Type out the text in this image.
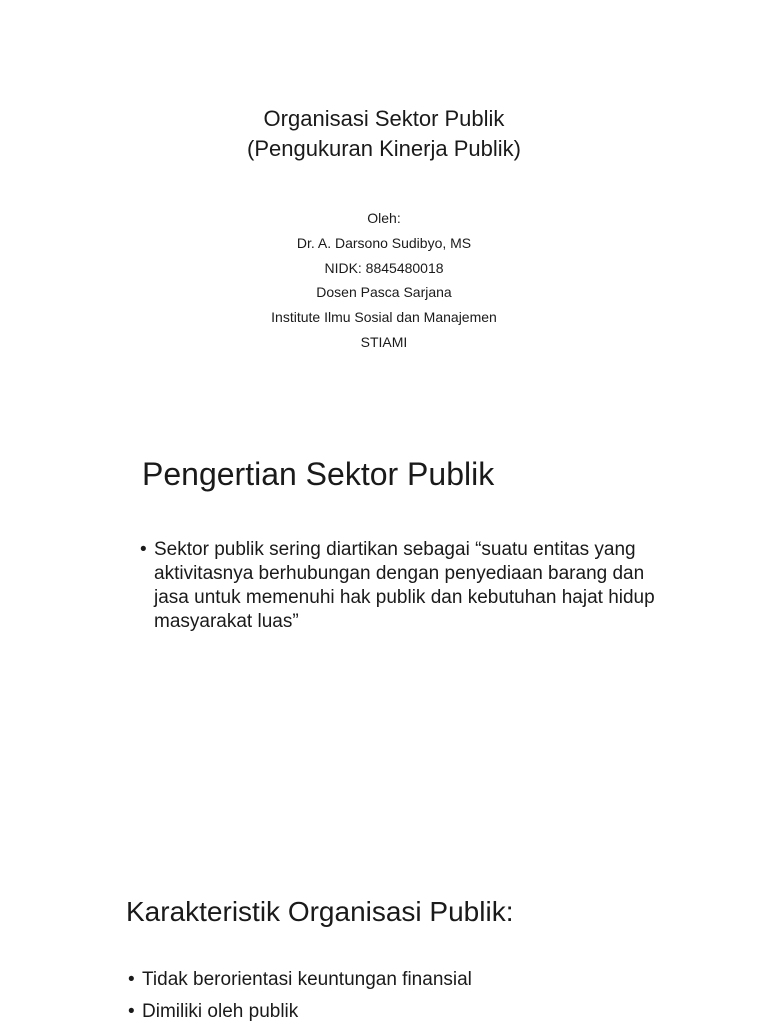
Organisasi Sektor Publik

(Pengukuran Kinerja Publik)

Oleh:

Dr. A. Darsono Sudibyo, MS

NIDK: 8845480018

Dosen Pasca Sarjana

Institute Ilmu Sosial dan Manajemen

STIAMI

Pengertian Sektor Publik
• Sektor publik sering diartikan sebagai “suatu entitas yang aktivitasnya berhubungan dengan penyediaan barang dan jasa untuk memenuhi hak publik dan kebutuhan hajat hidup masyarakat luas”
Karakteristik Organisasi Publik:
• Tidak berorientasi keuntungan finansial
• Dimiliki oleh publik
